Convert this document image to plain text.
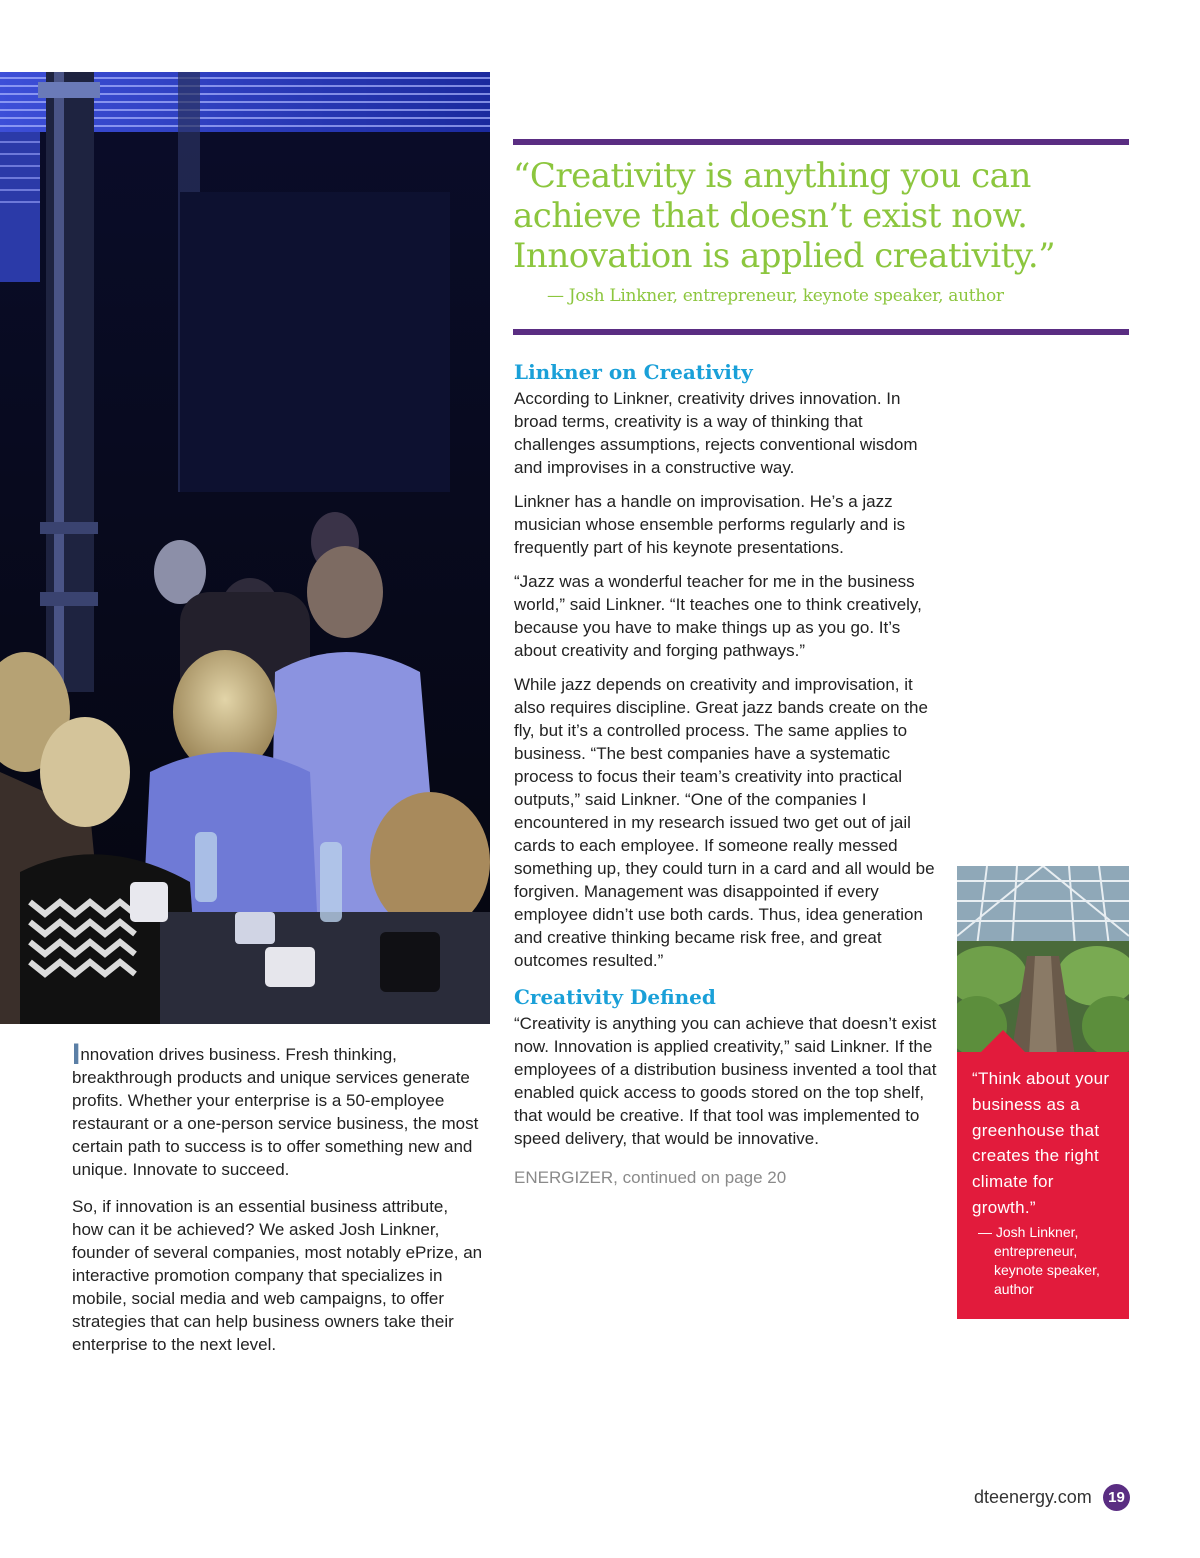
Innovation drives business. Fresh thinking, breakthrough products and unique services generate profits. Whether your enterprise is a 50-employee restaurant or a one-person service business, the most certain path to success is to offer something new and unique. Innovate to succeed.

So, if innovation is an essential business attribute, how can it be achieved? We asked Josh Linkner, founder of several companies, most notably ePrize, an interactive promotion company that specializes in mobile, social media and web campaigns, to offer strategies that can help business owners take their enterprise to the next level.

“Creativity is anything you can achieve that doesn’t exist now. Innovation is applied creativity.”

— Josh Linkner, entrepreneur, keynote speaker, author
Linkner on Creativity

According to Linkner, creativity drives innovation. In broad terms, creativity is a way of thinking that challenges assumptions, rejects conventional wisdom and improvises in a constructive way.

Linkner has a handle on improvisation. He’s a jazz musician whose ensemble performs regularly and is frequently part of his keynote presentations.

“Jazz was a wonderful teacher for me in the business world,” said Linkner. “It teaches one to think creatively, because you have to make things up as you go. It’s about creativity and forging pathways.”

While jazz depends on creativity and improvisation, it also requires discipline. Great jazz bands create on the fly, but it’s a controlled process. The same applies to business. “The best companies have a systematic process to focus their team’s creativity into practical outputs,” said Linkner. “One of the companies I encountered in my research issued two get out of jail cards to each employee. If someone really messed something up, they could turn in a card and all would be forgiven. Management was disappointed if every employee didn’t use both cards. Thus, idea generation and creative thinking became risk free, and great outcomes resulted.”

Creativity Defined

“Creativity is anything you can achieve that doesn’t exist now. Innovation is applied creativity,” said Linkner. If the employees of a distribution business invented a tool that enabled quick access to goods stored on the top shelf, that would be creative. If that tool was implemented to speed delivery, that would be innovative.

ENERGIZER, continued on page 20

“Think about your business as a greenhouse that creates the right climate for growth.”

— Josh Linkner,
entrepreneur,
keynote speaker,
author
dteenergy.com	19
